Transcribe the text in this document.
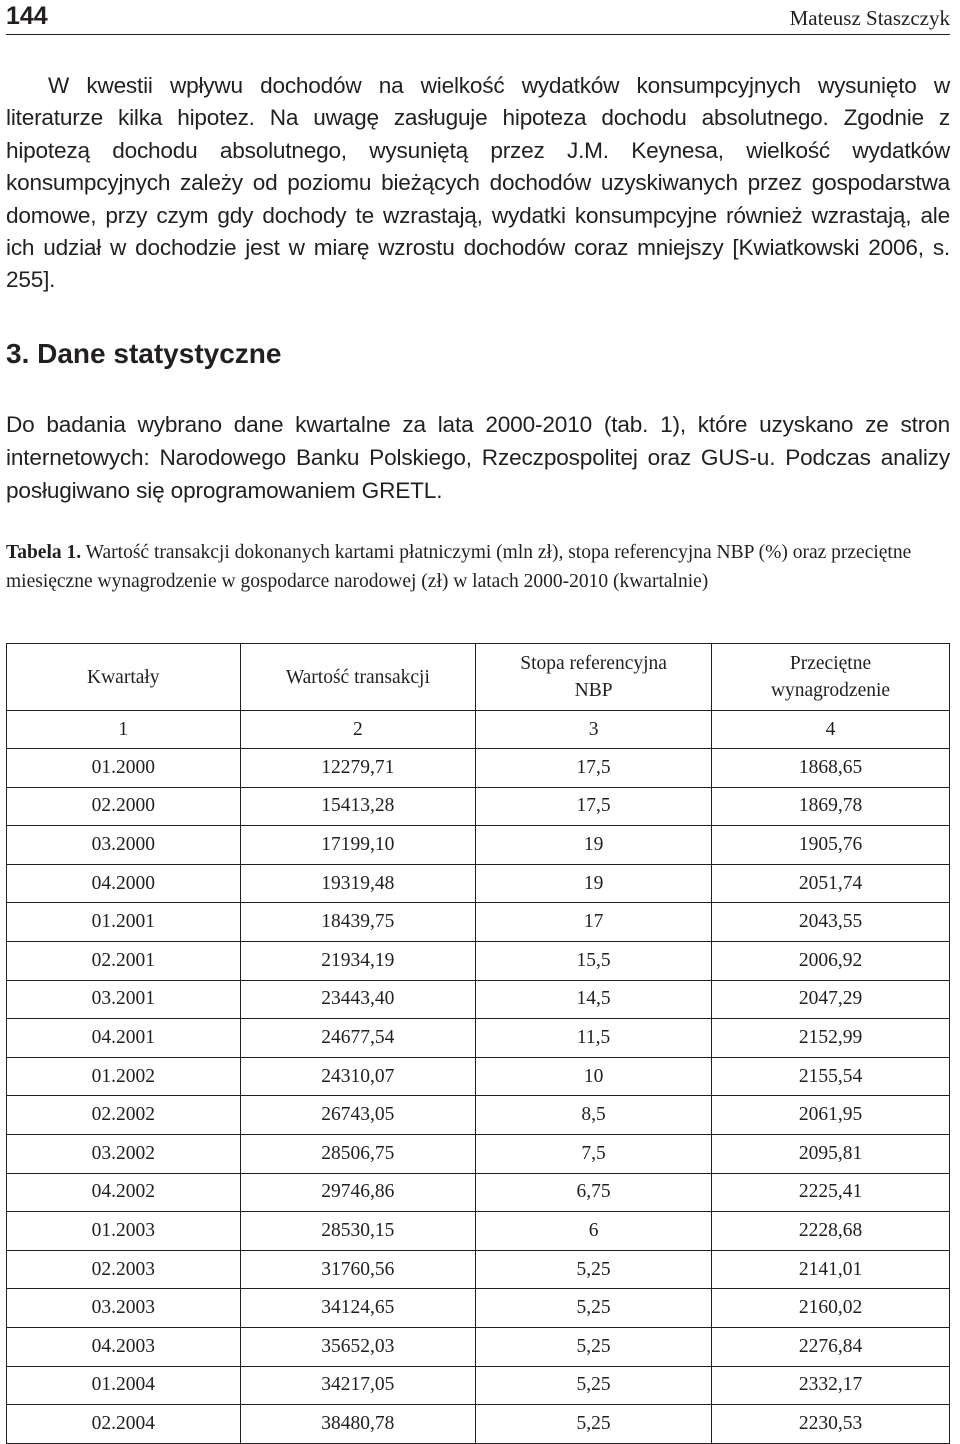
144	Mateusz Staszczyk

W kwestii wpływu dochodów na wielkość wydatków konsumpcyjnych wysunięto w literaturze kilka hipotez. Na uwagę zasługuje hipoteza dochodu absolutnego. Zgodnie z hipotezą dochodu absolutnego, wysuniętą przez J.M. Keynesa, wielkość wydatków konsumpcyjnych zależy od poziomu bieżących dochodów uzyskiwanych przez gospodarstwa domowe, przy czym gdy dochody te wzrastają, wydatki konsumpcyjne również wzrastają, ale ich udział w dochodzie jest w miarę wzrostu dochodów coraz mniejszy [Kwiatkowski 2006, s. 255].

3. Dane statystyczne

Do badania wybrano dane kwartalne za lata 2000-2010 (tab. 1), które uzyskano ze stron internetowych: Narodowego Banku Polskiego, Rzeczpospolitej oraz GUS-u. Podczas analizy posługiwano się oprogramowaniem GRETL.

Tabela 1. Wartość transakcji dokonanych kartami płatniczymi (mln zł), stopa referencyjna NBP (%) oraz przeciętne miesięczne wynagrodzenie w gospodarce narodowej (zł) w latach 2000-2010 (kwartalnie)
Kwartały	Wartość transakcji	Stopa referencyjna NBP	Przeciętne wynagrodzenie
1	2	3	4
01.2000	12279,71	17,5	1868,65
02.2000	15413,28	17,5	1869,78
03.2000	17199,10	19	1905,76
04.2000	19319,48	19	2051,74
01.2001	18439,75	17	2043,55
02.2001	21934,19	15,5	2006,92
03.2001	23443,40	14,5	2047,29
04.2001	24677,54	11,5	2152,99
01.2002	24310,07	10	2155,54
02.2002	26743,05	8,5	2061,95
03.2002	28506,75	7,5	2095,81
04.2002	29746,86	6,75	2225,41
01.2003	28530,15	6	2228,68
02.2003	31760,56	5,25	2141,01
03.2003	34124,65	5,25	2160,02
04.2003	35652,03	5,25	2276,84
01.2004	34217,05	5,25	2332,17
02.2004	38480,78	5,25	2230,53
